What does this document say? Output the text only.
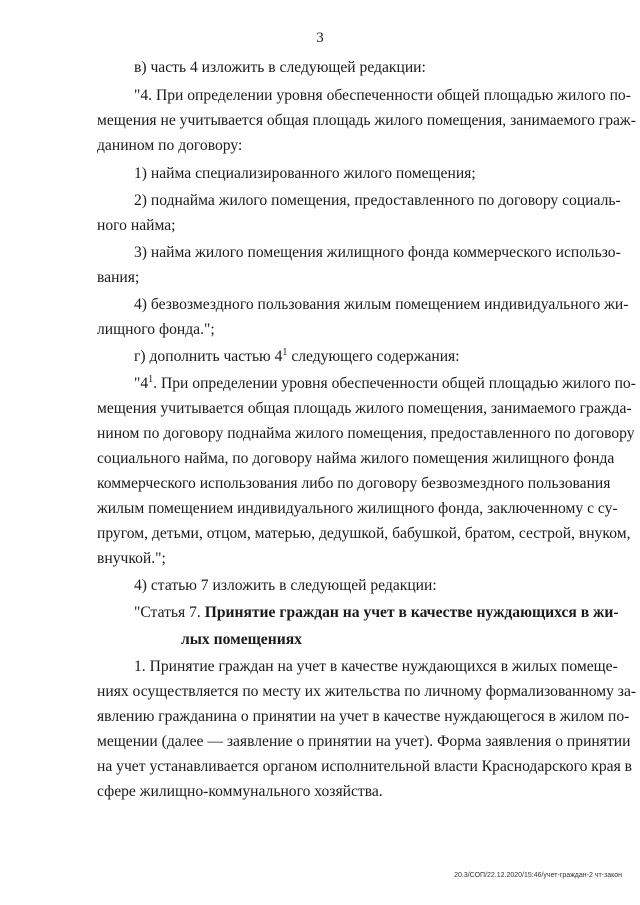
3
в) часть 4 изложить в следующей редакции:
"4. При определении уровня обеспеченности общей площадью жилого по-
мещения не учитывается общая площадь жилого помещения, занимаемого граж-
данином по договору:
1) найма специализированного жилого помещения;
2) поднайма жилого помещения, предоставленного по договору социаль-
ного найма;
3) найма жилого помещения жилищного фонда коммерческого использо-
вания;
4) безвозмездного пользования жилым помещением индивидуального жи-
лищного фонда.";
г) дополнить частью $4^1$ следующего содержания:
"$4^1$. При определении уровня обеспеченности общей площадью жилого по-
мещения учитывается общая площадь жилого помещения, занимаемого гражда-
нином по договору поднайма жилого помещения, предоставленного по договору
социального найма, по договору найма жилого помещения жилищного фонда
коммерческого использования либо по договору безвозмездного пользования
жилым помещением индивидуального жилищного фонда, заключенному с су-
пругом, детьми, отцом, матерью, дедушкой, бабушкой, братом, сестрой, внуком,
внучкой.";
4) статью 7 изложить в следующей редакции:
"Статья 7. Принятие граждан на учет в качестве нуждающихся в жи-
лых помещениях
1. Принятие граждан на учет в качестве нуждающихся в жилых помеще-
ниях осуществляется по месту их жительства по личному формализованному за-
явлению гражданина о принятии на учет в качестве нуждающегося в жилом по-
мещении (далее — заявление о принятии на учет). Форма заявления о принятии
на учет устанавливается органом исполнительной власти Краснодарского края в
сфере жилищно-коммунального хозяйства.
20.3/СОП/22.12.2020/15:46/учет-граждан-2 чт-закон
